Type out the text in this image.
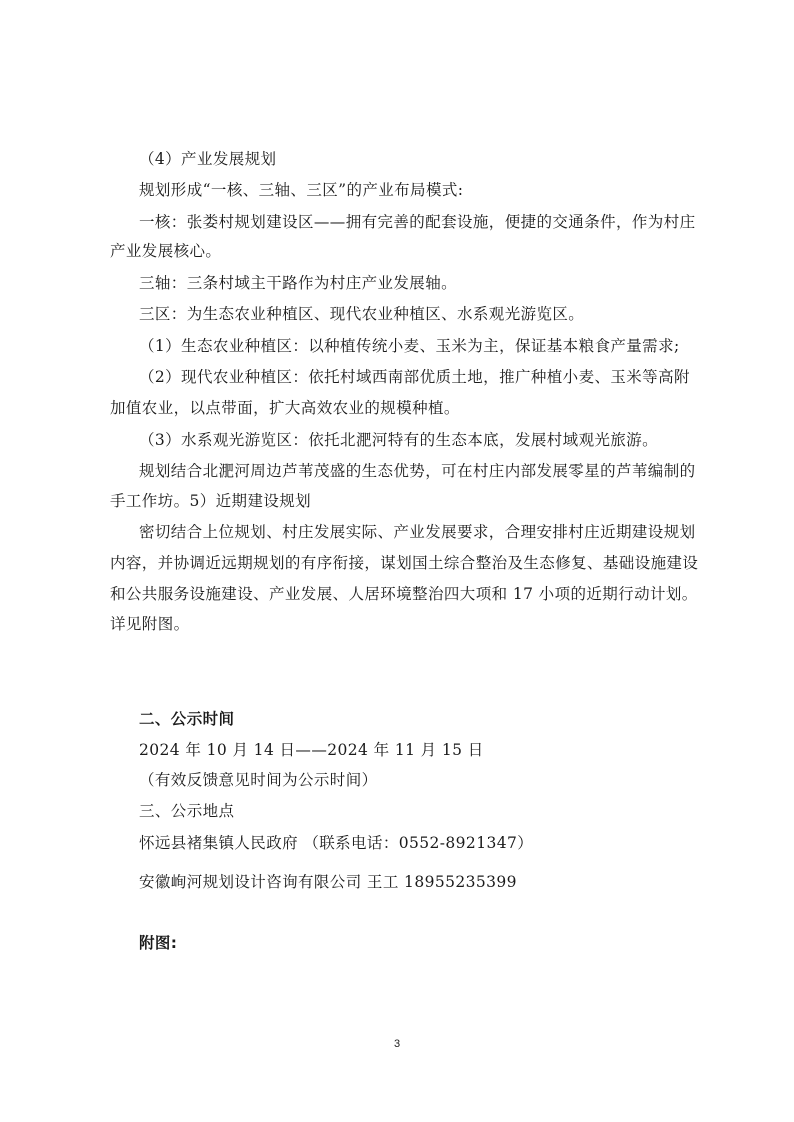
（4）产业发展规划
规划形成“一核、三轴、三区”的产业布局模式:
一核：张娄村规划建设区——拥有完善的配套设施，便捷的交通条件，作为村庄
产业发展核心。
三轴：三条村域主干路作为村庄产业发展轴。
三区：为生态农业种植区、现代农业种植区、水系观光游览区。
（1）生态农业种植区：以种植传统小麦、玉米为主，保证基本粮食产量需求;
（2）现代农业种植区：依托村域西南部优质土地，推广种植小麦、玉米等高附
加值农业，以点带面，扩大高效农业的规模种植。
（3）水系观光游览区：依托北淝河特有的生态本底，发展村域观光旅游。
规划结合北淝河周边芦苇茂盛的生态优势，可在村庄内部发展零星的芦苇编制的
手工作坊。5）近期建设规划
密切结合上位规划、村庄发展实际、产业发展要求，合理安排村庄近期建设规划
内容，并协调近远期规划的有序衔接，谋划国土综合整治及生态修复、基础设施建设
和公共服务设施建设、产业发展、人居环境整治四大项和 17 小项的近期行动计划。
详见附图。
二、公示时间
2024 年 10 月 14 日——2024 年 11 月 15 日
（有效反馈意见时间为公示时间）
三、公示地点
怀远县褚集镇人民政府 （联系电话：0552-8921347）
安徽峋河规划设计咨询有限公司 王工 18955235399
附图:
3
